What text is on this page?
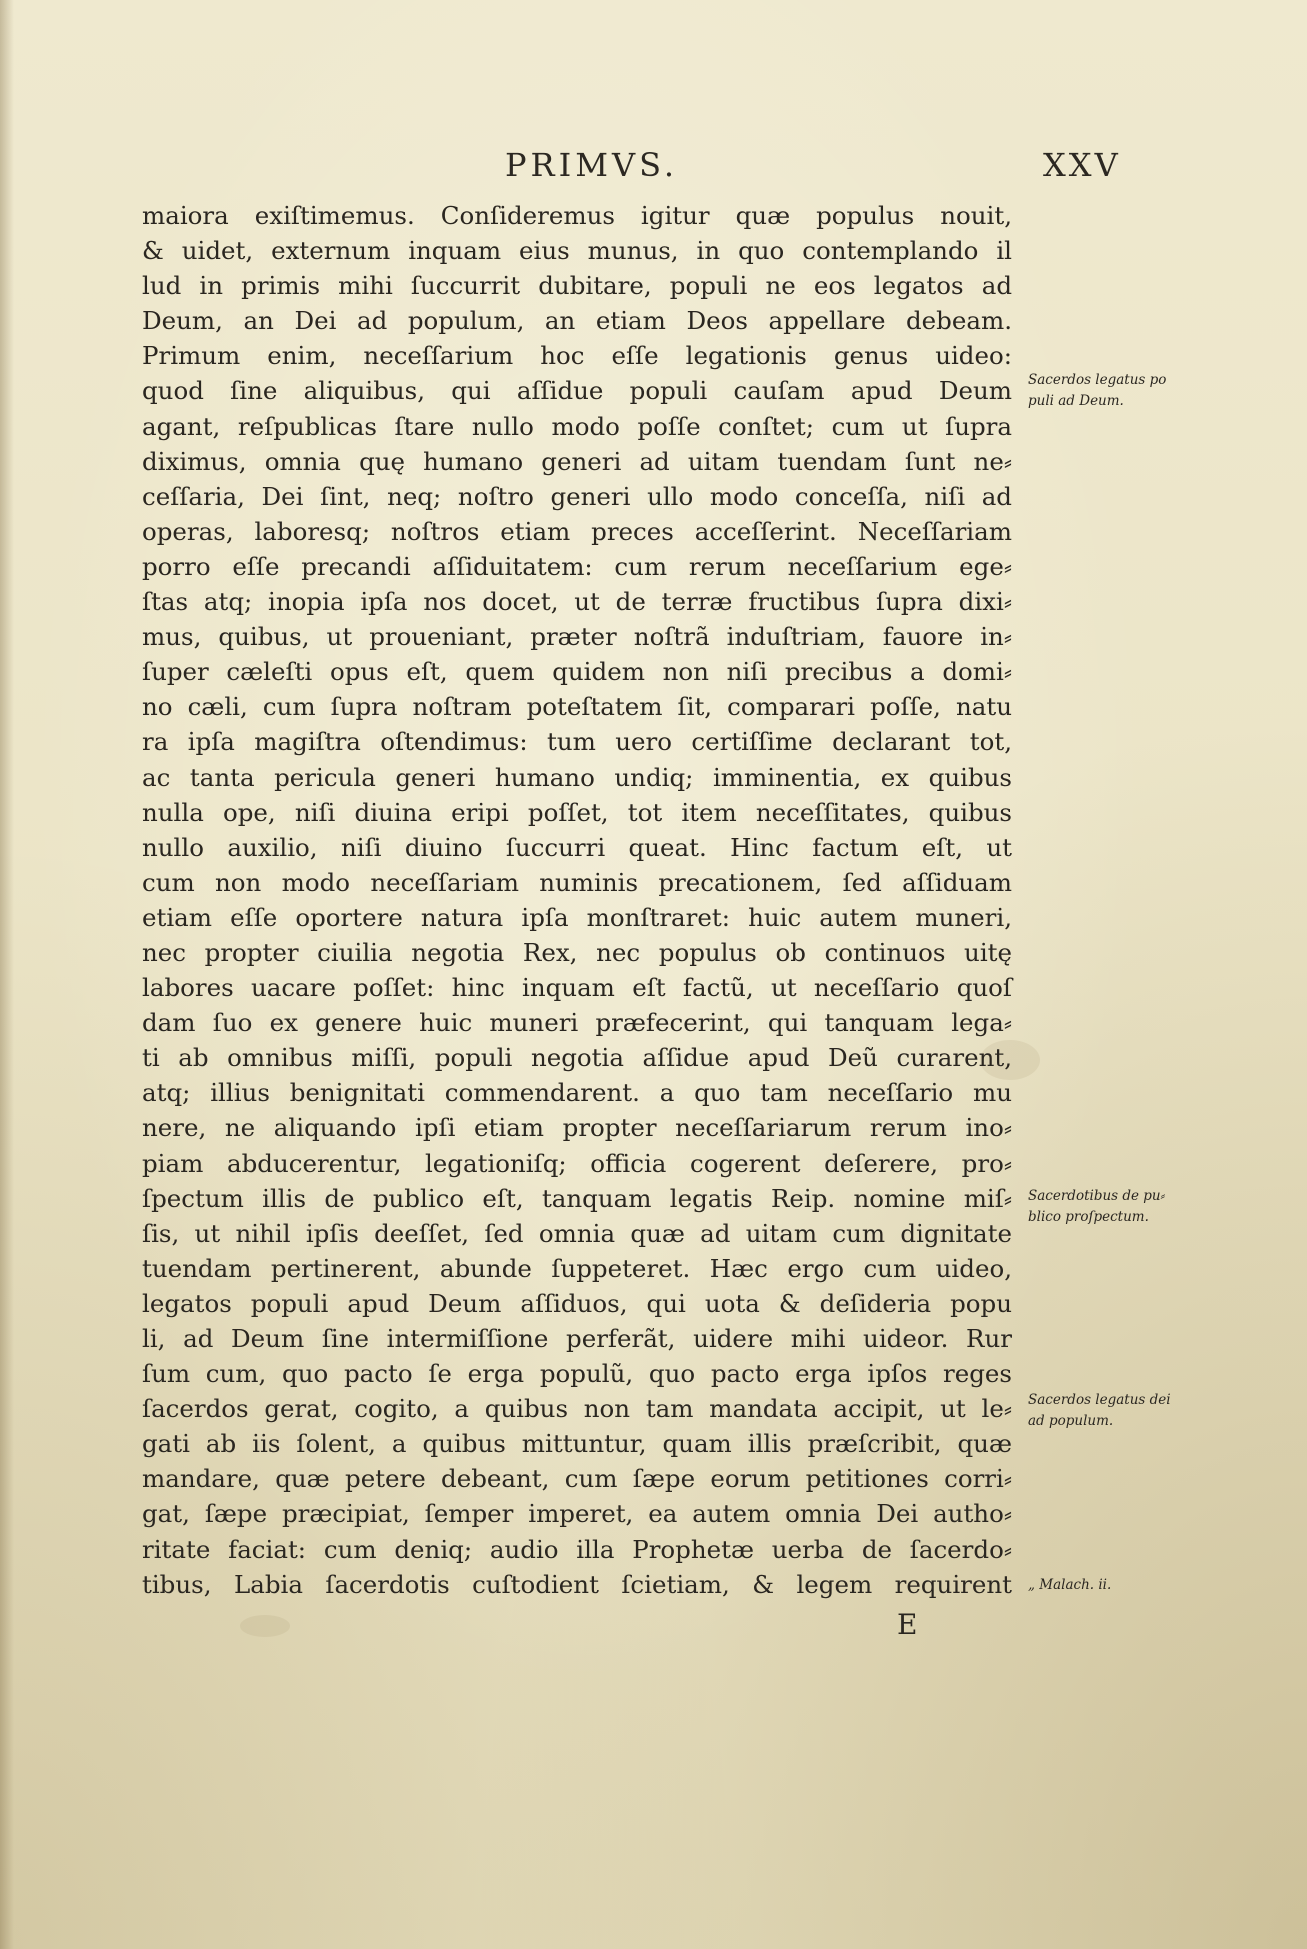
PRIMVS.	XXV
maiora exiſtimemus. Conſideremus igitur quæ populus nouit,
& uidet, externum inquam eius munus, in quo contemplando il
lud in primis mihi ſuccurrit dubitare, populi ne eos legatos ad
Deum, an Dei ad populum, an etiam Deos appellare debeam.
Primum enim, neceſſarium hoc eſſe legationis genus uideo:
quod ſine aliquibus, qui aſſidue populi cauſam apud Deum
agant, reſpublicas ſtare nullo modo poſſe conſtet; cum ut ſupra
diximus, omnia quę humano generi ad uitam tuendam ſunt ne⸗
ceſſaria, Dei ſint, neq; noſtro generi ullo modo conceſſa, niſi ad
operas, laboresq; noſtros etiam preces acceſſerint. Neceſſariam
porro eſſe precandi aſſiduitatem: cum rerum neceſſarium ege⸗
ſtas atq; inopia ipſa nos docet, ut de terræ fructibus ſupra dixi⸗
mus, quibus, ut proueniant, præter noſtrã induſtriam, fauore in⸗
ſuper cæleſti opus eſt, quem quidem non niſi precibus a domi⸗
no cæli, cum ſupra noſtram poteſtatem ſit, comparari poſſe, natu
ra ipſa magiſtra oſtendimus: tum uero certiſſime declarant tot,
ac tanta pericula generi humano undiq; imminentia, ex quibus
nulla ope, niſi diuina eripi poſſet, tot item neceſſitates, quibus
nullo auxilio, niſi diuino ſuccurri queat. Hinc factum eſt, ut
cum non modo neceſſariam numinis precationem, ſed aſſiduam
etiam eſſe oportere natura ipſa monſtraret: huic autem muneri,
nec propter ciuilia negotia Rex, nec populus ob continuos uitę
labores uacare poſſet: hinc inquam eſt factũ, ut neceſſario quoſ
dam ſuo ex genere huic muneri præfecerint, qui tanquam lega⸗
ti ab omnibus miſſi, populi negotia aſſidue apud Deũ curarent,
atq; illius benignitati commendarent. a quo tam neceſſario mu
nere, ne aliquando ipſi etiam propter neceſſariarum rerum ino⸗
piam abducerentur, legationiſq; officia cogerent deſerere, pro⸗
ſpectum illis de publico eſt, tanquam legatis Reip. nomine miſ⸗
ſis, ut nihil ipſis deeſſet, ſed omnia quæ ad uitam cum dignitate
tuendam pertinerent, abunde ſuppeteret. Hæc ergo cum uideo,
legatos populi apud Deum aſſiduos, qui uota & deſideria popu
li, ad Deum ſine intermiſſione perferãt, uidere mihi uideor. Rur
ſum cum, quo pacto ſe erga populũ, quo pacto erga ipſos reges
ſacerdos gerat, cogito, a quibus non tam mandata accipit, ut le⸗
gati ab iis ſolent, a quibus mittuntur, quam illis præſcribit, quæ
mandare, quæ petere debeant, cum ſæpe eorum petitiones corri⸗
gat, ſæpe præcipiat, ſemper imperet, ea autem omnia Dei autho⸗
ritate faciat: cum deniq; audio illa Prophetæ uerba de ſacerdo⸗
tibus, Labia ſacerdotis cuſtodient ſcietiam, & legem requirent
E
Sacerdos legatus po
puli ad Deum.
Sacerdotibus de pu⸗
blico proſpectum.
Sacerdos legatus dei
ad populum.
„ Malach. ii.
